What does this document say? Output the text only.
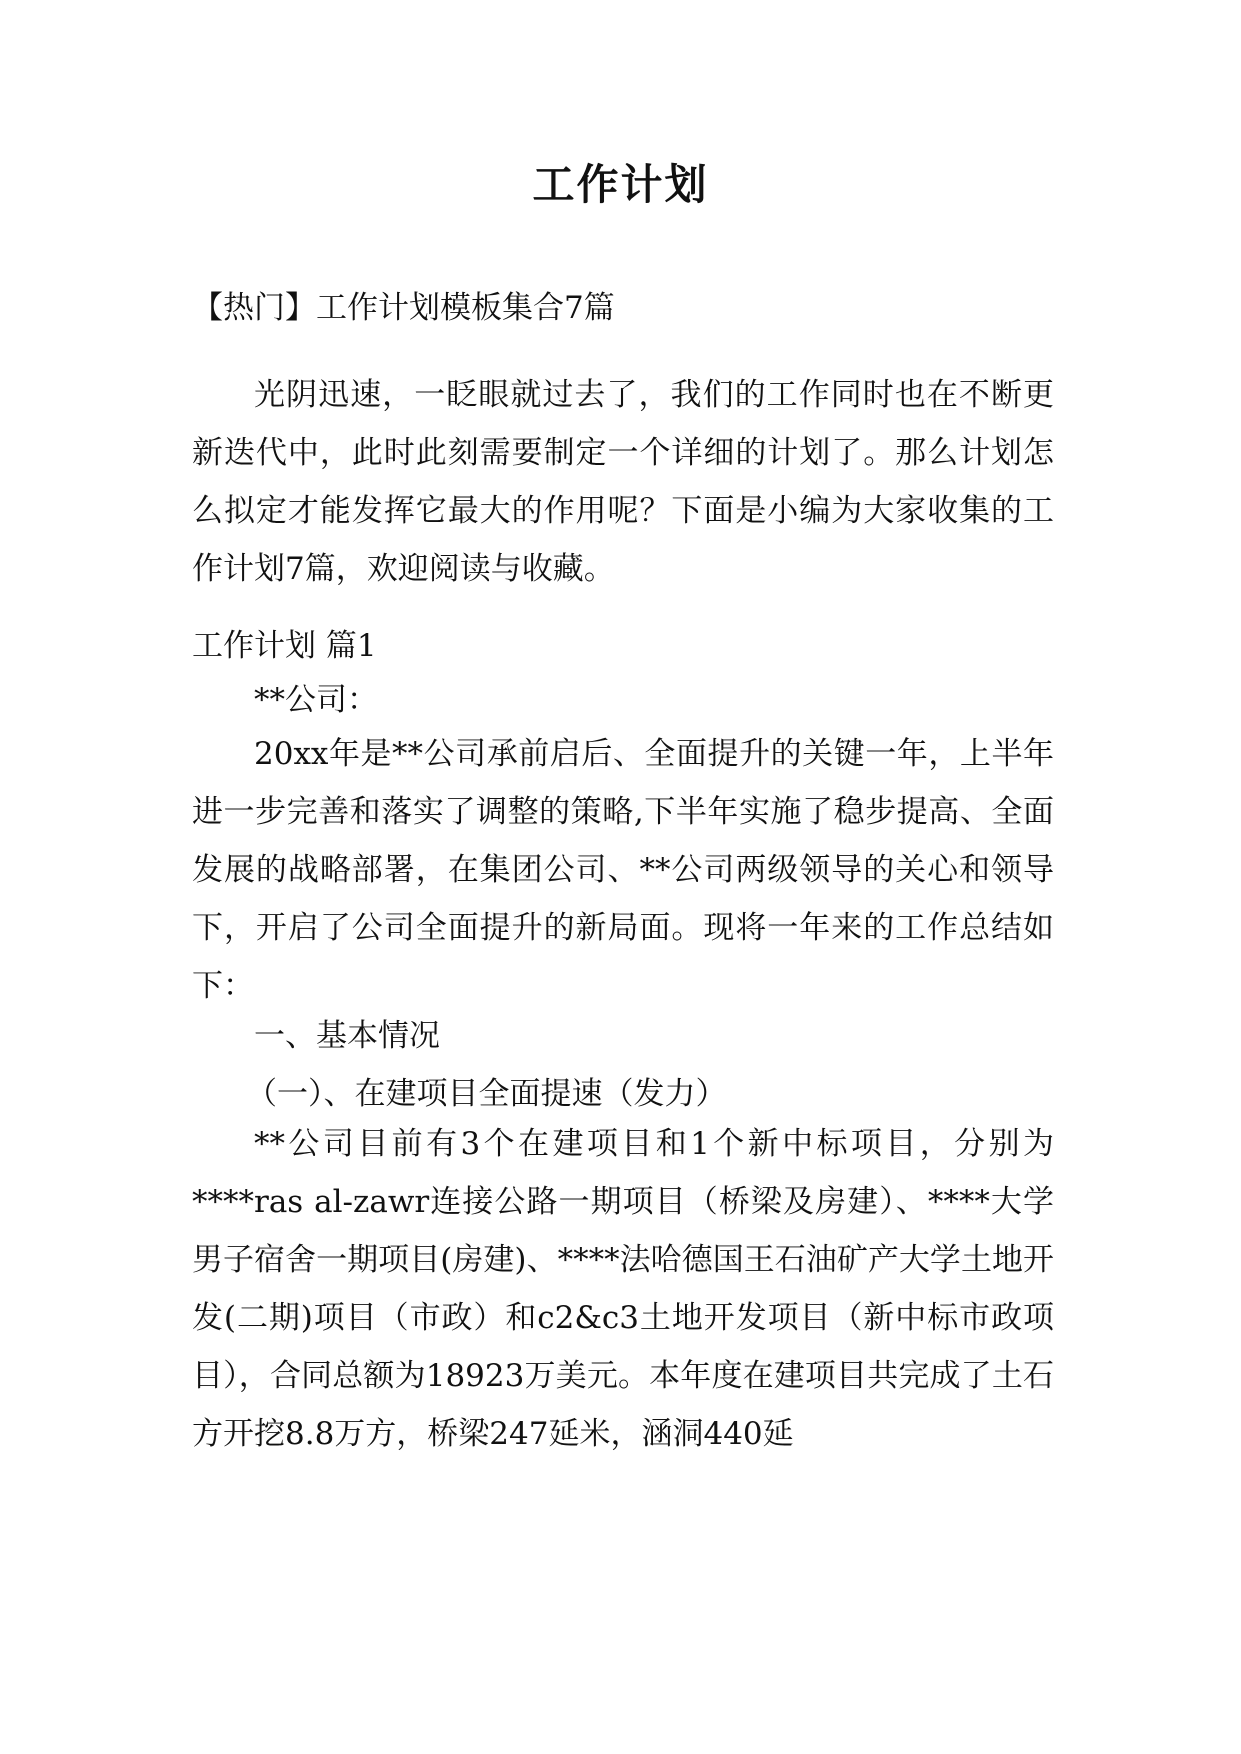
工作计划
【热门】工作计划模板集合7篇

光阴迅速，一眨眼就过去了，我们的工作同时也在不断更新迭代中，此时此刻需要制定一个详细的计划了。那么计划怎么拟定才能发挥它最大的作用呢？下面是小编为大家收集的工作计划7篇，欢迎阅读与收藏。

工作计划 篇1
**公司：

20xx年是**公司承前启后、全面提升的关键一年，上半年进一步完善和落实了调整的策略,下半年实施了稳步提高、全面发展的战略部署，在集团公司、**公司两级领导的关心和领导下，开启了公司全面提升的新局面。现将一年来的工作总结如下：

一、基本情况
（一）、在建项目全面提速（发力）

**公司目前有3个在建项目和1个新中标项目，分别为****ras al-zawr连接公路一期项目（桥梁及房建）、****大学男子宿舍一期项目(房建)、****法哈德国王石油矿产大学土地开发(二期)项目（市政）和c2&c3土地开发项目（新中标市政项目），合同总额为18923万美元。本年度在建项目共完成了土石方开挖8.8万方，桥梁247延米，涵洞440延
